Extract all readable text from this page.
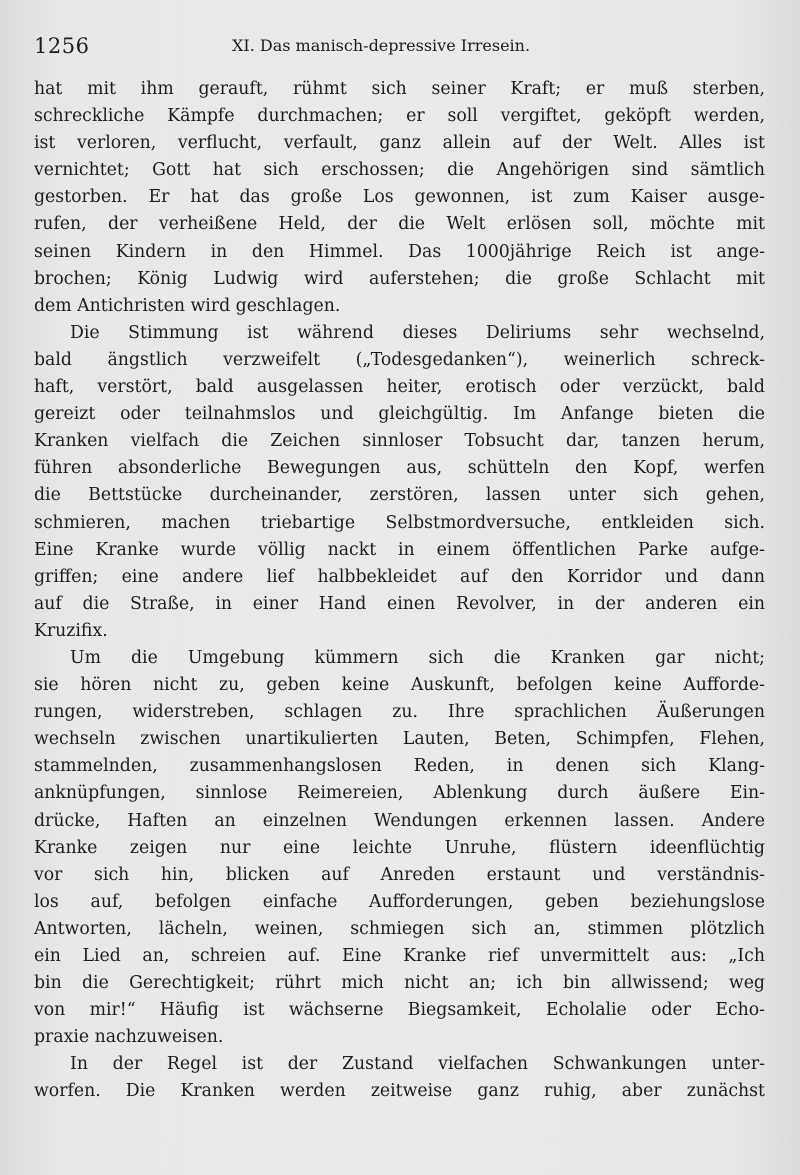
1256	XI. Das manisch-depressive Irresein.
hat mit ihm gerauft, rühmt sich seiner Kraft; er muß sterben,
schreckliche Kämpfe durchmachen; er soll vergiftet, geköpft werden,
ist verloren, verflucht, verfault, ganz allein auf der Welt. Alles ist
vernichtet; Gott hat sich erschossen; die Angehörigen sind sämtlich
gestorben. Er hat das große Los gewonnen, ist zum Kaiser ausge-
rufen, der verheißene Held, der die Welt erlösen soll, möchte mit
seinen Kindern in den Himmel. Das 1000jährige Reich ist ange-
brochen; König Ludwig wird auferstehen; die große Schlacht mit
dem Antichristen wird geschlagen.
Die Stimmung ist während dieses Deliriums sehr wechselnd,
bald ängstlich verzweifelt („Todesgedanken“), weinerlich schreck-
haft, verstört, bald ausgelassen heiter, erotisch oder verzückt, bald
gereizt oder teilnahmslos und gleichgültig. Im Anfange bieten die
Kranken vielfach die Zeichen sinnloser Tobsucht dar, tanzen herum,
führen absonderliche Bewegungen aus, schütteln den Kopf, werfen
die Bettstücke durcheinander, zerstören, lassen unter sich gehen,
schmieren, machen triebartige Selbstmordversuche, entkleiden sich.
Eine Kranke wurde völlig nackt in einem öffentlichen Parke aufge-
griffen; eine andere lief halbbekleidet auf den Korridor und dann
auf die Straße, in einer Hand einen Revolver, in der anderen ein
Kruzifix.
Um die Umgebung kümmern sich die Kranken gar nicht;
sie hören nicht zu, geben keine Auskunft, befolgen keine Aufforde-
rungen, widerstreben, schlagen zu. Ihre sprachlichen Äußerungen
wechseln zwischen unartikulierten Lauten, Beten, Schimpfen, Flehen,
stammelnden, zusammenhangslosen Reden, in denen sich Klang-
anknüpfungen, sinnlose Reimereien, Ablenkung durch äußere Ein-
drücke, Haften an einzelnen Wendungen erkennen lassen. Andere
Kranke zeigen nur eine leichte Unruhe, flüstern ideenflüchtig
vor sich hin, blicken auf Anreden erstaunt und verständnis-
los auf, befolgen einfache Aufforderungen, geben beziehungslose
Antworten, lächeln, weinen, schmiegen sich an, stimmen plötzlich
ein Lied an, schreien auf. Eine Kranke rief unvermittelt aus: „Ich
bin die Gerechtigkeit; rührt mich nicht an; ich bin allwissend; weg
von mir!“ Häufig ist wächserne Biegsamkeit, Echolalie oder Echo-
praxie nachzuweisen.
In der Regel ist der Zustand vielfachen Schwankungen unter-
worfen. Die Kranken werden zeitweise ganz ruhig, aber zunächst
